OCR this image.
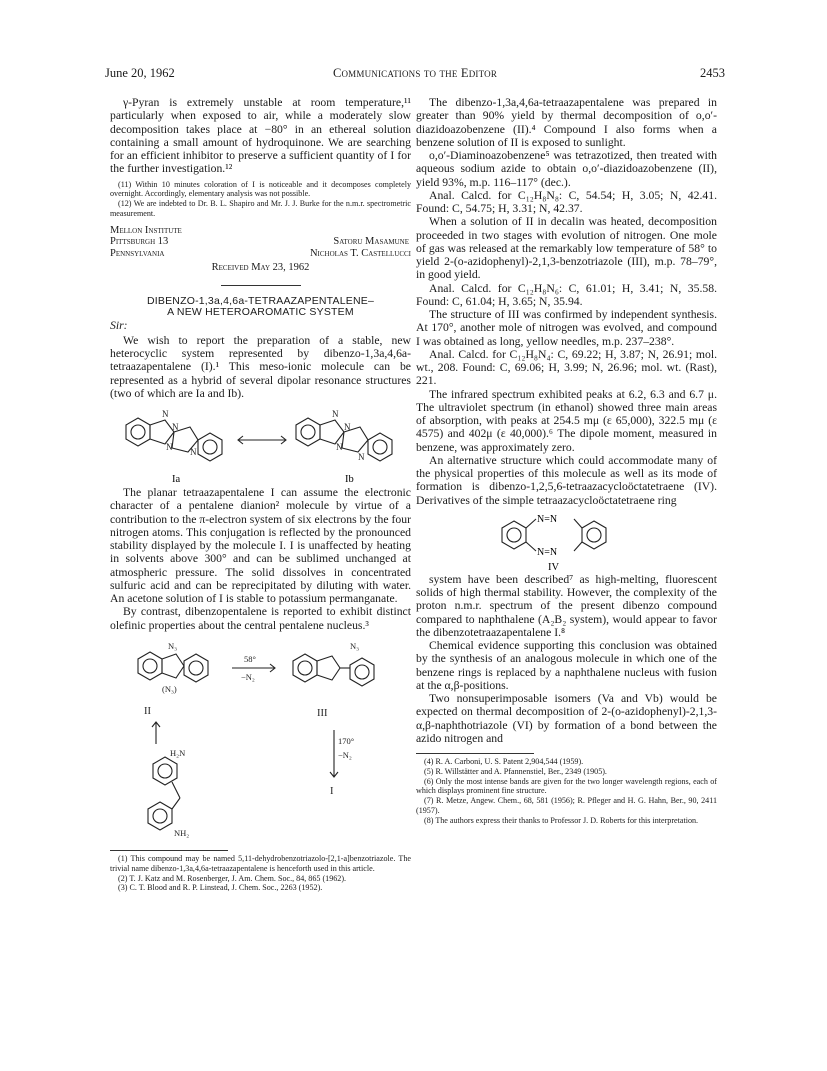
June 20, 1962	Communications to the Editor	2453

γ-Pyran is extremely unstable at room temperature,¹¹ particularly when exposed to air, while a moderately slow decomposition takes place at −80° in an ethereal solution containing a small amount of hydroquinone. We are searching for an efficient inhibitor to preserve a sufficient quantity of I for the further investigation.¹²

(11) Within 10 minutes coloration of I is noticeable and it decomposes completely overnight. Accordingly, elementary analysis was not possible.

(12) We are indebted to Dr. B. L. Shapiro and Mr. J. J. Burke for the n.m.r. spectrometric measurement.

Mellon Institute
Pittsburgh 13	Satoru Masamune
Pennsylvania	Nicholas T. Castellucci

Received May 23, 1962

DIBENZO-1,3a,4,6a-TETRAAZAPENTALENE–

A NEW HETEROAROMATIC SYSTEM

Sir:

We wish to report the preparation of a stable, new heterocyclic system represented by dibenzo-1,3a,4,6a-tetraazapentalene (I).¹ This meso-ionic molecule can be represented as a hybrid of several dipolar resonance structures (two of which are Ia and Ib).

N
N
N N
N
N
N
N
Ia	Ib

The planar tetraazapentalene I can assume the electronic character of a pentalene dianion² molecule by virtue of a contribution to the π-electron system of six electrons by the four nitrogen atoms. This conjugation is reflected by the pronounced stability displayed by the molecule I. I is unaffected by heating in solvents above 300° and can be sublimed unchanged at atmospheric pressure. The solid dissolves in concentrated sulfuric acid and can be reprecipitated by diluting with water. An acetone solution of I is stable to potassium permanganate.

By contrast, dibenzopentalene is reported to exhibit distinct olefinic properties about the central pentalene nucleus.³

N₃
(N₃)
N₃
58°
−N₂
170°
−N₂
H₂N
NH₂
II	III
I

(1) This compound may be named 5,11-dehydrobenzotriazolo-[2,1-a]benzotriazole. The trivial name dibenzo-1,3a,4,6a-tetraazapentalene is henceforth used in this article.

(2) T. J. Katz and M. Rosenberger, J. Am. Chem. Soc., 84, 865 (1962).

(3) C. T. Blood and R. P. Linstead, J. Chem. Soc., 2263 (1952).

The dibenzo-1,3a,4,6a-tetraazapentalene was prepared in greater than 90% yield by thermal decomposition of o,o′-diazidoazobenzene (II).⁴ Compound I also forms when a benzene solution of II is exposed to sunlight.

o,o′-Diaminoazobenzene⁵ was tetrazotized, then treated with aqueous sodium azide to obtain o,o′-diazidoazobenzene (II), yield 93%, m.p. 116–117° (dec.).

Anal. Calcd. for C₁₂H₈N₈: C, 54.54; H, 3.05; N, 42.41. Found: C, 54.75; H, 3.31; N, 42.37.

When a solution of II in decalin was heated, decomposition proceeded in two stages with evolution of nitrogen. One mole of gas was released at the remarkably low temperature of 58° to yield 2-(o-azidophenyl)-2,1,3-benzotriazole (III), m.p. 78–79°, in good yield.

Anal. Calcd. for C₁₂H₈N₆: C, 61.01; H, 3.41; N, 35.58. Found: C, 61.04; H, 3.65; N, 35.94.

The structure of III was confirmed by independent synthesis. At 170°, another mole of nitrogen was evolved, and compound I was obtained as long, yellow needles, m.p. 237–238°.

Anal. Calcd. for C₁₂H₈N₄: C, 69.22; H, 3.87; N, 26.91; mol. wt., 208. Found: C, 69.06; H, 3.99; N, 26.96; mol. wt. (Rast), 221.

The infrared spectrum exhibited peaks at 6.2, 6.3 and 6.7 μ. The ultraviolet spectrum (in ethanol) showed three main areas of absorption, with peaks at 254.5 mμ (ε 65,000), 322.5 mμ (ε 4575) and 402μ (ε 40,000).⁶ The dipole moment, measured in benzene, was approximately zero.

An alternative structure which could accommodate many of the physical properties of this molecule as well as its mode of formation is dibenzo-1,2,5,6-tetraazacycloöctatetraene (IV). Derivatives of the simple tetraazacycloöctatetraene ring

N=N
N=N
IV

system have been described⁷ as high-melting, fluorescent solids of high thermal stability. However, the complexity of the proton n.m.r. spectrum of the present dibenzo compound compared to naphthalene (A₂B₂ system), would appear to favor the dibenzotetraazapentalene I.⁸

Chemical evidence supporting this conclusion was obtained by the synthesis of an analogous molecule in which one of the benzene rings is replaced by a naphthalene nucleus with fusion at the α,β-positions.

Two nonsuperimposable isomers (Va and Vb) would be expected on thermal decomposition of 2-(o-azidophenyl)-2,1,3-α,β-naphthotriazole (VI) by formation of a bond between the azido nitrogen and

(4) R. A. Carboni, U. S. Patent 2,904,544 (1959).

(5) R. Willstätter and A. Pfannenstiel, Ber., 2349 (1905).

(6) Only the most intense bands are given for the two longer wavelength regions, each of which displays prominent fine structure.

(7) R. Metze, Angew. Chem., 68, 581 (1956); R. Pfleger and H. G. Hahn, Ber., 90, 2411 (1957).

(8) The authors express their thanks to Professor J. D. Roberts for this interpretation.
